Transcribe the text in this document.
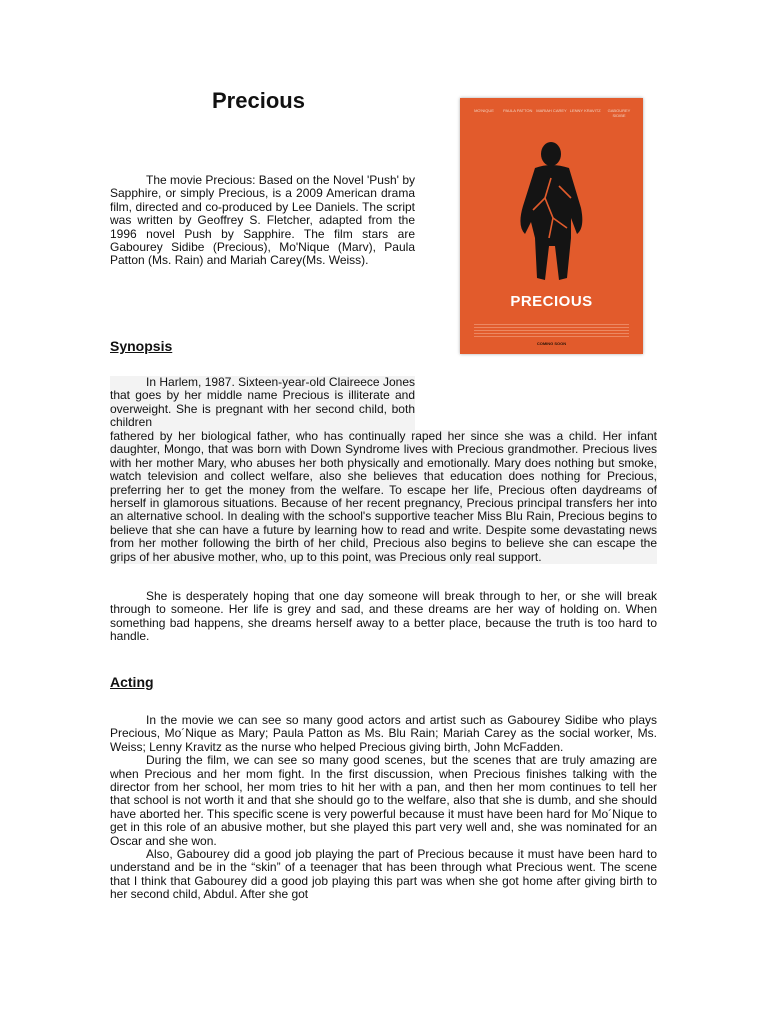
Precious

The movie Precious: Based on the Novel 'Push' by Sapphire, or simply Precious, is a 2009 American drama film, directed and co-produced by Lee Daniels. The script was written by Geoffrey S. Fletcher, adapted from the 1996 novel Push by Sapphire. The film stars are Gabourey Sidibe (Precious), Mo'Nique (Marv), Paula Patton (Ms. Rain) and Mariah Carey(Ms. Weiss).

MO'NIQUE	PAULA PATTON MARIAH CAREY LENNY KRAVITZ	GABOUREY SIDIBE
PRECIOUS
COMING SOON
Synopsis

In Harlem, 1987. Sixteen-year-old Claireece Jones that goes by her middle name Precious is illiterate and overweight. She is pregnant with her second child, both children

fathered by her biological father, who has continually raped her since she was a child. Her infant daughter, Mongo, that was born with Down Syndrome lives with Precious grandmother. Precious lives with her mother Mary, who abuses her both physically and emotionally. Mary does nothing but smoke, watch television and collect welfare, also she believes that education does nothing for Precious, preferring her to get the money from the welfare. To escape her life, Precious often daydreams of herself in glamorous situations. Because of her recent pregnancy, Precious principal transfers her into an alternative school. In dealing with the school's supportive teacher Miss Blu Rain, Precious begins to believe that she can have a future by learning how to read and write. Despite some devastating news from her mother following the birth of her child, Precious also begins to believe she can escape the grips of her abusive mother, who, up to this point, was Precious only real support.

She is desperately hoping that one day someone will break through to her, or she will break through to someone. Her life is grey and sad, and these dreams are her way of holding on. When something bad happens, she dreams herself away to a better place, because the truth is too hard to handle.

Acting

In the movie we can see so many good actors and artist such as Gabourey Sidibe who plays Precious, Mo´Nique as Mary; Paula Patton as Ms. Blu Rain; Mariah Carey as the social worker, Ms. Weiss; Lenny Kravitz as the nurse who helped Precious giving birth, John McFadden.

During the film, we can see so many good scenes, but the scenes that are truly amazing are when Precious and her mom fight. In the first discussion, when Precious finishes talking with the director from her school, her mom tries to hit her with a pan, and then her mom continues to tell her that school is not worth it and that she should go to the welfare, also that she is dumb, and she should have aborted her. This specific scene is very powerful because it must have been hard for Mo´Nique to get in this role of an abusive mother, but she played this part very well and, she was nominated for an Oscar and she won.

Also, Gabourey did a good job playing the part of Precious because it must have been hard to understand and be in the “skin” of a teenager that has been through what Precious went. The scene that I think that Gabourey did a good job playing this part was when she got home after giving birth to her second child, Abdul. After she got
